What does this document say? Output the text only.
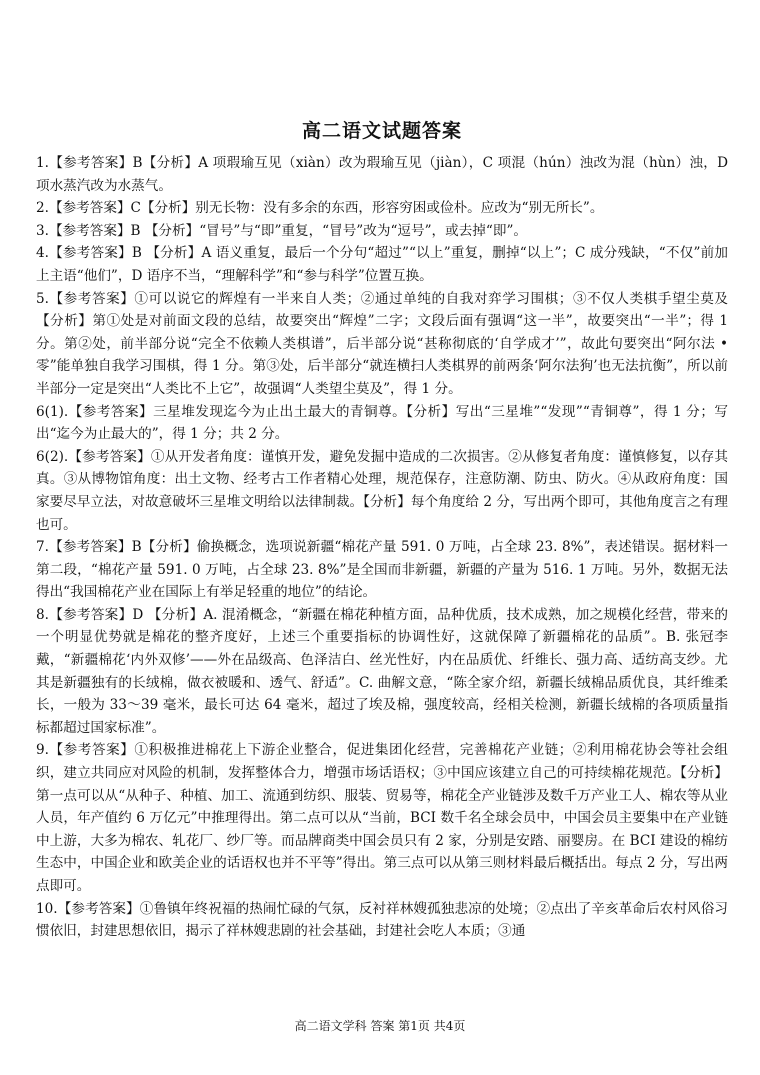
高二语文试题答案
1.【参考答案】B【分析】A 项瑕瑜互见（xiàn）改为瑕瑜互见（jiàn），C 项混（hún）浊改为混（hùn）浊，D 项水蒸汽改为水蒸气。
2.【参考答案】C【分析】别无长物：没有多余的东西，形容穷困或俭朴。应改为“别无所长”。
3.【参考答案】B 【分析】“冒号”与“即”重复，“冒号”改为“逗号”，或去掉“即”。
4.【参考答案】B 【分析】A 语义重复，最后一个分句“超过”“以上”重复，删掉“以上”；C 成分残缺，“不仅”前加上主语“他们”，D 语序不当，“理解科学”和“参与科学”位置互换。
5.【参考答案】①可以说它的辉煌有一半来自人类；②通过单纯的自我对弈学习围棋；③不仅人类棋手望尘莫及【分析】第①处是对前面文段的总结，故要突出“辉煌”二字；文段后面有强调“这一半”，故要突出“一半”；得 1 分。第②处，前半部分说“完全不依赖人类棋谱”，后半部分说“甚称彻底的‘自学成才’”，故此句要突出“阿尔法 • 零”能单独自我学习围棋，得 1 分。第③处，后半部分“就连横扫人类棋界的前两条‘阿尔法狗’也无法抗衡”，所以前半部分一定是突出“人类比不上它”，故强调“人类望尘莫及”，得 1 分。
6(1).【参考答案】三星堆发现迄今为止出土最大的青铜尊。【分析】写出“三星堆”“发现”“青铜尊”，得 1 分；写出“迄今为止最大的”，得 1 分；共 2 分。
6(2).【参考答案】①从开发者角度：谨慎开发，避免发掘中造成的二次损害。②从修复者角度：谨慎修复，以存其真。③从博物馆角度：出土文物、经考古工作者精心处理，规范保存，注意防潮、防虫、防火。④从政府角度：国家要尽早立法，对故意破坏三星堆文明给以法律制裁。【分析】每个角度给 2 分，写出两个即可，其他角度言之有理也可。
7.【参考答案】B【分析】偷换概念，选项说新疆“棉花产量 591. 0 万吨，占全球 23. 8%”，表述错误。据材料一第二段，“棉花产量 591. 0 万吨，占全球 23. 8%”是全国而非新疆，新疆的产量为 516. 1 万吨。另外，数据无法得出“我国棉花产业在国际上有举足轻重的地位”的结论。
8.【参考答案】D 【分析】A. 混淆概念，“新疆在棉花种植方面，品种优质，技术成熟，加之规模化经营，带来的一个明显优势就是棉花的整齐度好，上述三个重要指标的协调性好，这就保障了新疆棉花的品质”。B. 张冠李戴，“新疆棉花‘内外双修’——外在品级高、色泽洁白、丝光性好，内在品质优、纤维长、强力高、适纺高支纱。尤其是新疆独有的长绒棉，做衣被暖和、透气、舒适”。C. 曲解文意，“陈全家介绍，新疆长绒棉品质优良，其纤维柔长，一般为 33～39 毫米，最长可达 64 毫米，超过了埃及棉，强度较高，经相关检测，新疆长绒棉的各项质量指标都超过国家标准”。
9.【参考答案】①积极推进棉花上下游企业整合，促进集团化经营，完善棉花产业链；②利用棉花协会等社会组织，建立共同应对风险的机制，发挥整体合力，增强市场话语权；③中国应该建立自己的可持续棉花规范。【分析】第一点可以从“从种子、种植、加工、流通到纺织、服装、贸易等，棉花全产业链涉及数千万产业工人、棉农等从业人员，年产值约 6 万亿元”中推理得出。第二点可以从“当前，BCI 数千名全球会员中，中国会员主要集中在产业链中上游，大多为棉农、轧花厂、纱厂等。而品牌商类中国会员只有 2 家，分别是安踏、丽婴房。在 BCI 建设的棉纺生态中，中国企业和欧美企业的话语权也并不平等”得出。第三点可以从第三则材料最后概括出。每点 2 分，写出两点即可。
10.【参考答案】①鲁镇年终祝福的热闹忙碌的气氛，反衬祥林嫂孤独悲凉的处境；②点出了辛亥革命后农村风俗习惯依旧，封建思想依旧，揭示了祥林嫂悲剧的社会基础，封建社会吃人本质；③通
高二语文学科 答案 第1页 共4页
